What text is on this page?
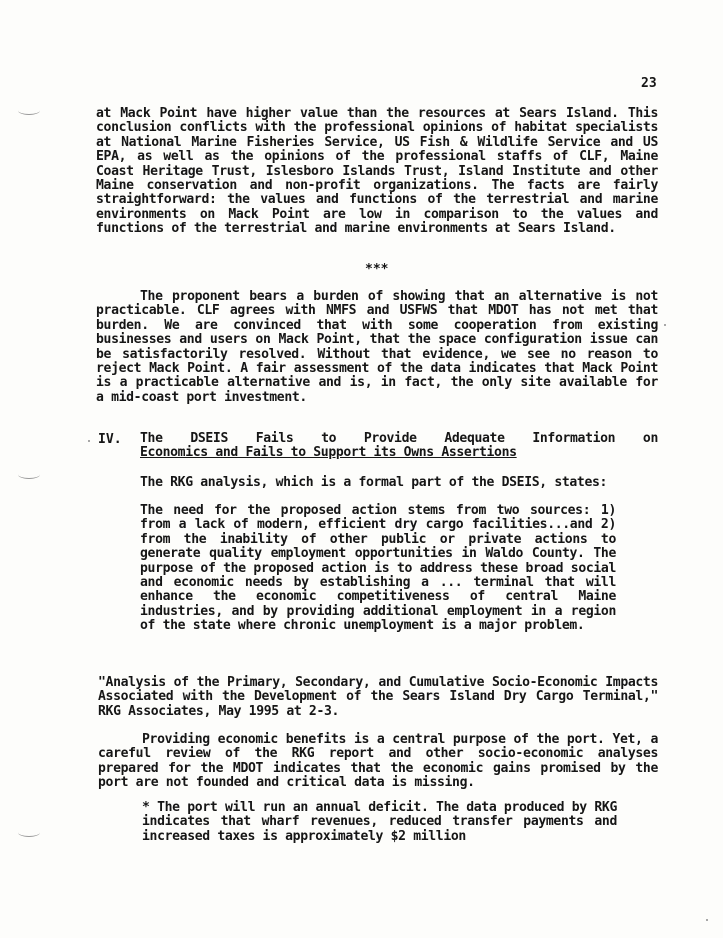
23

at Mack Point have higher value than the resources at Sears Island. This conclusion conflicts with the professional opinions of habitat specialists at National Marine Fisheries Service, US Fish & Wildlife Service and US EPA, as well as the opinions of the professional staffs of CLF, Maine Coast Heritage Trust, Islesboro Islands Trust, Island Institute and other Maine conservation and non-profit organizations. The facts are fairly straightforward: the values and functions of the terrestrial and marine environments on Mack Point are low in comparison to the values and functions of the terrestrial and marine environments at Sears Island.

***

The proponent bears a burden of showing that an alternative is not practicable. CLF agrees with NMFS and USFWS that MDOT has not met that burden. We are convinced that with some cooperation from existing businesses and users on Mack Point, that the space configuration issue can be satisfactorily resolved. Without that evidence, we see no reason to reject Mack Point. A fair assessment of the data indicates that Mack Point is a practicable alternative and is, in fact, the only site available for a mid-coast port investment.

IV. The DSEIS Fails to Provide Adequate Information on

Economics and Fails to Support its Owns Assertions

The RKG analysis, which is a formal part of the DSEIS, states:

The need for the proposed action stems from two sources: 1) from a lack of modern, efficient dry cargo facilities...and 2) from the inability of other public or private actions to generate quality employment opportunities in Waldo County. The purpose of the proposed action is to address these broad social and economic needs by establishing a ... terminal that will enhance the economic competitiveness of central Maine industries, and by providing additional employment in a region of the state where chronic unemployment is a major problem.

"Analysis of the Primary, Secondary, and Cumulative Socio-Economic Impacts Associated with the Development of the Sears Island Dry Cargo Terminal," RKG Associates, May 1995 at 2-3.

Providing economic benefits is a central purpose of the port. Yet, a careful review of the RKG report and other socio-economic analyses prepared for the MDOT indicates that the economic gains promised by the port are not founded and critical data is missing.

* The port will run an annual deficit. The data produced by RKG indicates that wharf revenues, reduced transfer payments and increased taxes is approximately $2 million
